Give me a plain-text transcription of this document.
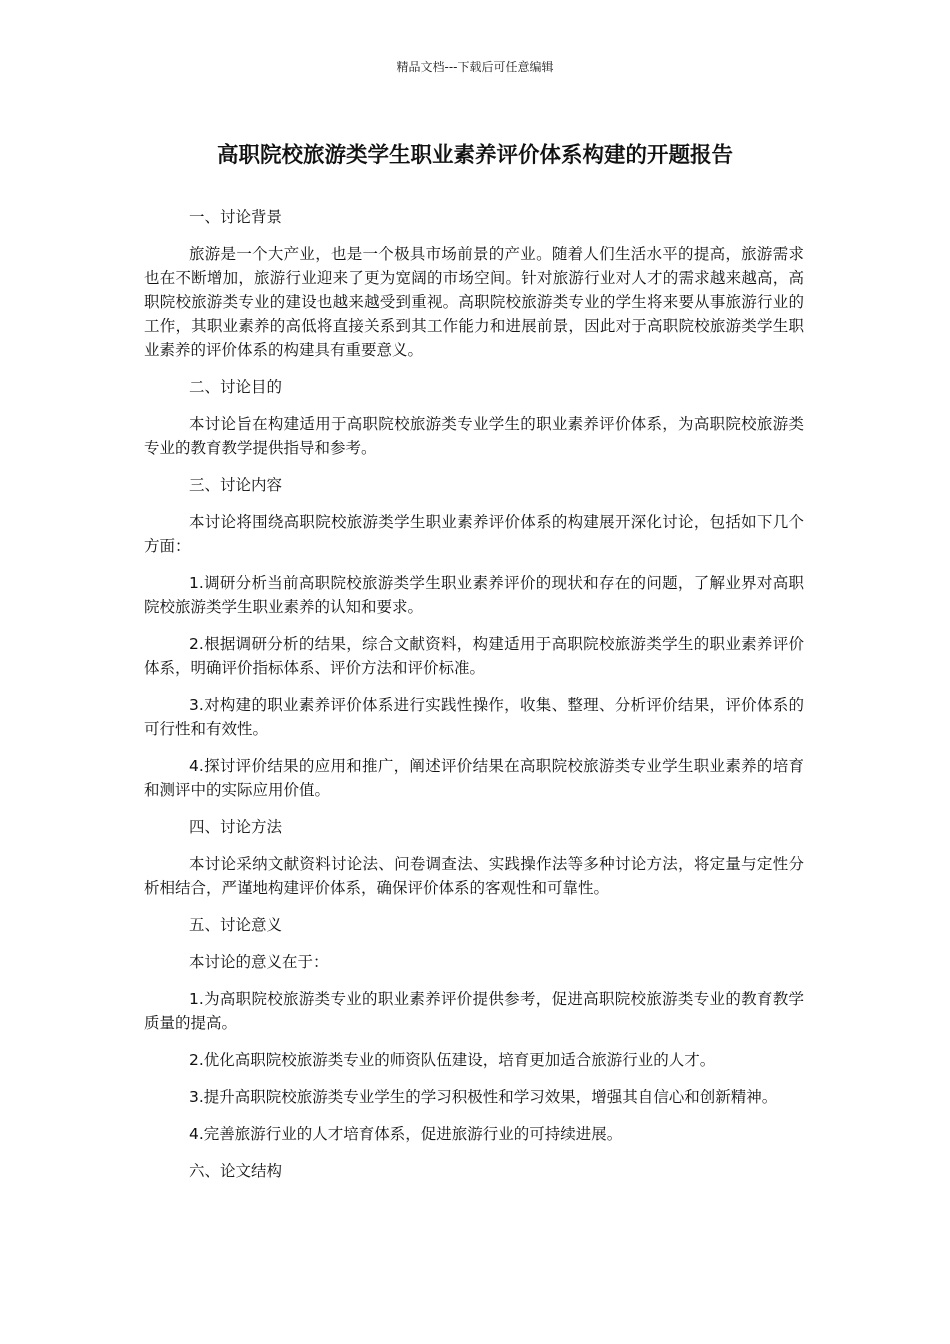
精品文档---下载后可任意编辑
高职院校旅游类学生职业素养评价体系构建的开题报告

一、讨论背景

旅游是一个大产业，也是一个极具市场前景的产业。随着人们生活水平的提高，旅游需求也在不断增加，旅游行业迎来了更为宽阔的市场空间。针对旅游行业对人才的需求越来越高，高职院校旅游类专业的建设也越来越受到重视。高职院校旅游类专业的学生将来要从事旅游行业的工作，其职业素养的高低将直接关系到其工作能力和进展前景，因此对于高职院校旅游类学生职业素养的评价体系的构建具有重要意义。

二、讨论目的

本讨论旨在构建适用于高职院校旅游类专业学生的职业素养评价体系，为高职院校旅游类专业的教育教学提供指导和参考。

三、讨论内容

本讨论将围绕高职院校旅游类学生职业素养评价体系的构建展开深化讨论，包括如下几个方面：

1.调研分析当前高职院校旅游类学生职业素养评价的现状和存在的问题，了解业界对高职院校旅游类学生职业素养的认知和要求。

2.根据调研分析的结果，综合文献资料，构建适用于高职院校旅游类学生的职业素养评价体系，明确评价指标体系、评价方法和评价标准。

3.对构建的职业素养评价体系进行实践性操作，收集、整理、分析评价结果，评价体系的可行性和有效性。

4.探讨评价结果的应用和推广，阐述评价结果在高职院校旅游类专业学生职业素养的培育和测评中的实际应用价值。

四、讨论方法

本讨论采纳文献资料讨论法、问卷调查法、实践操作法等多种讨论方法，将定量与定性分析相结合，严谨地构建评价体系，确保评价体系的客观性和可靠性。

五、讨论意义

本讨论的意义在于：

1.为高职院校旅游类专业的职业素养评价提供参考，促进高职院校旅游类专业的教育教学质量的提高。

2.优化高职院校旅游类专业的师资队伍建设，培育更加适合旅游行业的人才。

3.提升高职院校旅游类专业学生的学习积极性和学习效果，增强其自信心和创新精神。

4.完善旅游行业的人才培育体系，促进旅游行业的可持续进展。

六、论文结构
